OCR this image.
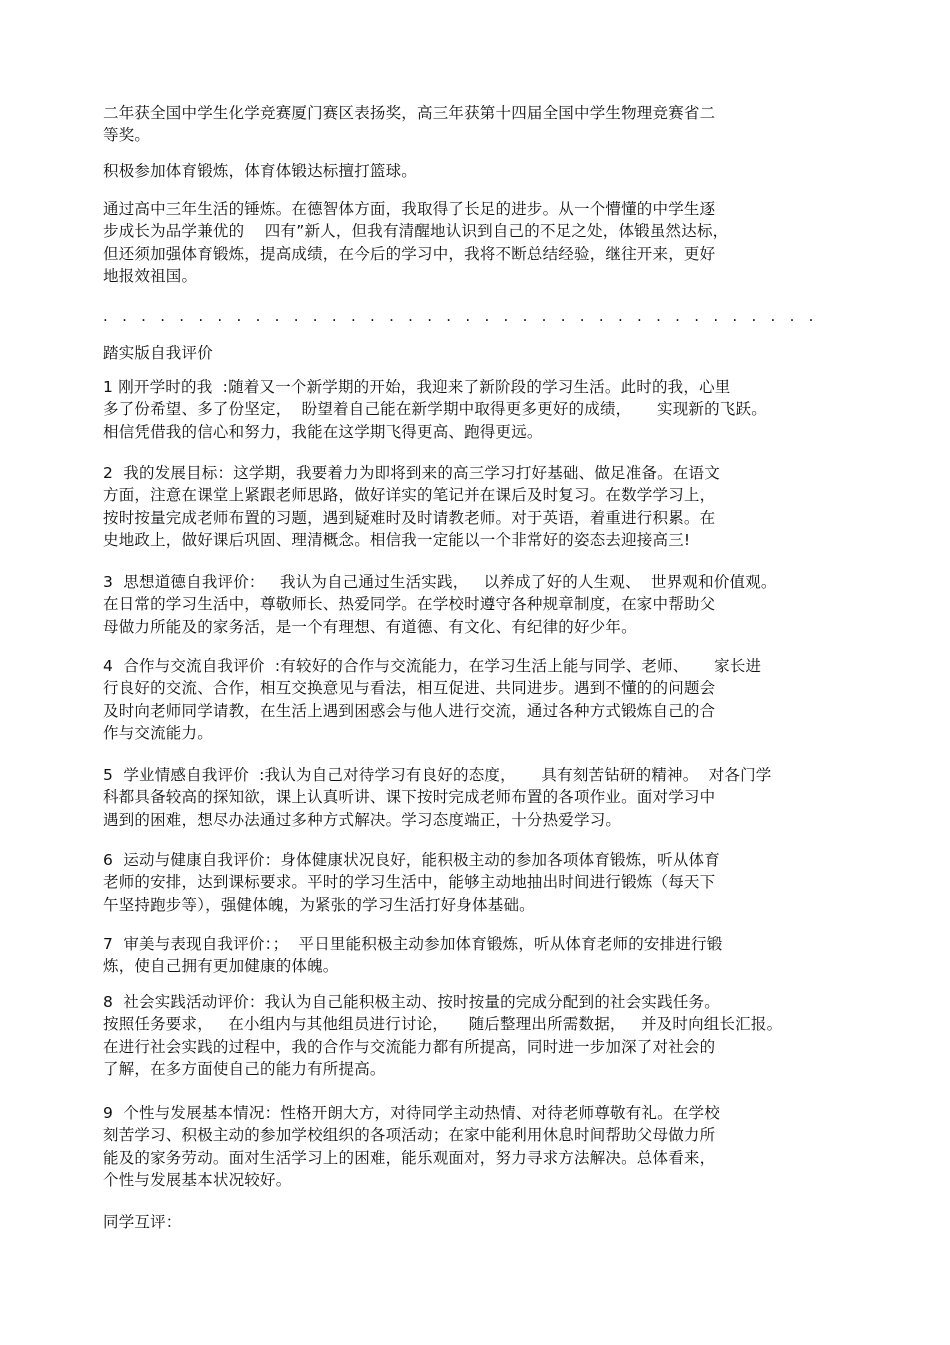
二年获全国中学生化学竞赛厦门赛区表扬奖，高三年获第十四届全国中学生物理竞赛省二
等奖。
积极参加体育锻炼，体育体锻达标擅打篮球。
通过高中三年生活的锤炼。在德智体方面，我取得了长足的进步。从一个懵懂的中学生逐
步成长为品学兼优的    四有”新人，但我有清醒地认识到自己的不足之处，体锻虽然达标，
但还须加强体育锻炼，提高成绩，在今后的学习中，我将不断总结经验，继往开来，更好
地报效祖国。
.   .   .   .   .   .   .   .   .   .   .   .   .   .   .   .   .   .   .   .   .   .   .   .   .   .   .   .   .   .   .   .   .   .   .   .   .   .
踏实版自我评价
1 刚开学时的我  :随着又一个新学期的开始，我迎来了新阶段的学习生活。此时的我，心里
多了份希望、多了份坚定，  盼望着自己能在新学期中取得更多更好的成绩，     实现新的飞跃。
相信凭借我的信心和努力，我能在这学期飞得更高、跑得更远。
2  我的发展目标：这学期，我要着力为即将到来的高三学习打好基础、做足准备。在语文
方面，注意在课堂上紧跟老师思路，做好详实的笔记并在课后及时复习。在数学学习上，
按时按量完成老师布置的习题，遇到疑难时及时请教老师。对于英语，着重进行积累。在
史地政上，做好课后巩固、理清概念。相信我一定能以一个非常好的姿态去迎接高三!
3  思想道德自我评价：   我认为自己通过生活实践，   以养成了好的人生观、  世界观和价值观。
在日常的学习生活中，尊敬师长、热爱同学。在学校时遵守各种规章制度，在家中帮助父
母做力所能及的家务活，是一个有理想、有道德、有文化、有纪律的好少年。
4  合作与交流自我评价  :有较好的合作与交流能力，在学习生活上能与同学、老师、     家长进
行良好的交流、合作，相互交换意见与看法，相互促进、共同进步。遇到不懂的的问题会
及时向老师同学请教，在生活上遇到困惑会与他人进行交流，通过各种方式锻炼自己的合
作与交流能力。
5  学业情感自我评价  :我认为自己对待学习有良好的态度，     具有刻苦钻研的精神。  对各门学
科都具备较高的探知欲，课上认真听讲、课下按时完成老师布置的各项作业。面对学习中
遇到的困难，想尽办法通过多种方式解决。学习态度端正，十分热爱学习。
6  运动与健康自我评价：身体健康状况良好，能积极主动的参加各项体育锻炼，听从体育
老师的安排，达到课标要求。平时的学习生活中，能够主动地抽出时间进行锻炼（每天下
午坚持跑步等），强健体魄，为紧张的学习生活打好身体基础。
7  审美与表现自我评价：；  平日里能积极主动参加体育锻炼，听从体育老师的安排进行锻
炼，使自己拥有更加健康的体魄。
8  社会实践活动评价：我认为自己能积极主动、按时按量的完成分配到的社会实践任务。
按照任务要求，   在小组内与其他组员进行讨论，    随后整理出所需数据，   并及时向组长汇报。
在进行社会实践的过程中，我的合作与交流能力都有所提高，同时进一步加深了对社会的
了解，在多方面使自己的能力有所提高。
9  个性与发展基本情况：性格开朗大方，对待同学主动热情、对待老师尊敬有礼。在学校
刻苦学习、积极主动的参加学校组织的各项活动；在家中能利用休息时间帮助父母做力所
能及的家务劳动。面对生活学习上的困难，能乐观面对，努力寻求方法解决。总体看来，
个性与发展基本状况较好。
同学互评：
